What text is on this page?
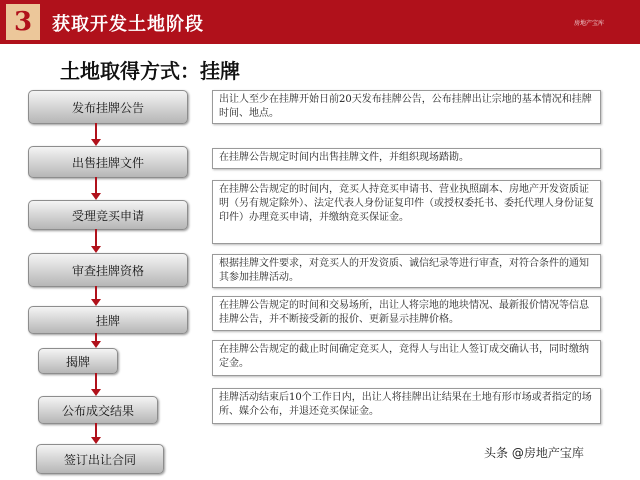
3 获取开发土地阶段	房地产宝库
土地取得方式：挂牌
发布挂牌公告
出售挂牌文件
受理竞买申请
审查挂牌资格
挂牌
揭牌
公布成交结果
签订出让合同
出让人至少在挂牌开始日前20天发布挂牌公告，公布挂牌出让宗地的基本情况和挂牌时间、地点。
在挂牌公告规定时间内出售挂牌文件，并组织现场踏勘。
在挂牌公告规定的时间内，竞买人持竞买申请书、营业执照副本、房地产开发资质证明（另有规定除外）、法定代表人身份证复印件（或授权委托书、委托代理人身份证复印件）办理竞买申请，并缴纳竞买保证金。
根据挂牌文件要求，对竞买人的开发资质、诚信纪录等进行审查，对符合条件的通知其参加挂牌活动。
在挂牌公告规定的时间和交易场所，出让人将宗地的地块情况、最新报价情况等信息挂牌公告，并不断接受新的报价、更新显示挂牌价格。
在挂牌公告规定的截止时间确定竞买人，竞得人与出让人签订成交确认书，同时缴纳定金。
挂牌活动结束后10个工作日内，出让人将挂牌出让结果在土地有形市场或者指定的场所、媒介公布，并退还竞买保证金。
头条 @房地产宝库
